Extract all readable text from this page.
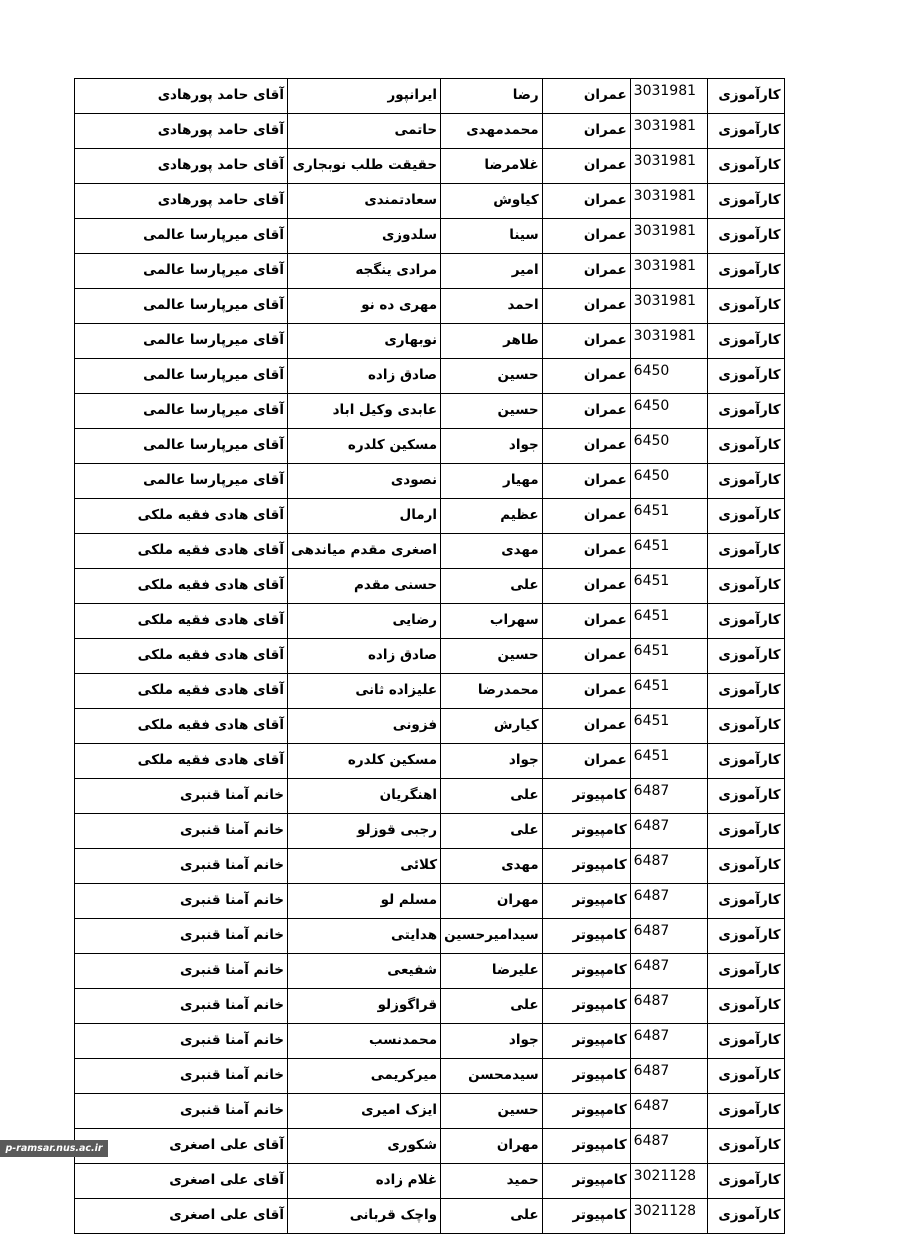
کارآموزی	3031981	عمران	رضا	ایرانپور	آقای حامد پورهادی
کارآموزی	3031981	عمران	محمدمهدی	حاتمی	آقای حامد پورهادی
کارآموزی	3031981	عمران	غلامرضا	حقیقت طلب نوبجاری	آقای حامد پورهادی
کارآموزی	3031981	عمران	کیاوش	سعادتمندی	آقای حامد پورهادی
کارآموزی	3031981	عمران	سینا	سلدوزی	آقای میرپارسا عالمی
کارآموزی	3031981	عمران	امیر	مرادی ینگجه	آقای میرپارسا عالمی
کارآموزی	3031981	عمران	احمد	مهری ده نو	آقای میرپارسا عالمی
کارآموزی	3031981	عمران	طاهر	نوبهاری	آقای میرپارسا عالمی
کارآموزی	6450	عمران	حسین	صادق زاده	آقای میرپارسا عالمی
کارآموزی	6450	عمران	حسین	عابدی وکیل اباد	آقای میرپارسا عالمی
کارآموزی	6450	عمران	جواد	مسکین کلدره	آقای میرپارسا عالمی
کارآموزی	6450	عمران	مهیار	نصودی	آقای میرپارسا عالمی
کارآموزی	6451	عمران	عظیم	ارمال	آقای هادی فقیه ملکی
کارآموزی	6451	عمران	مهدی	اصغری مقدم میاندهی	آقای هادی فقیه ملکی
کارآموزی	6451	عمران	علی	حسنی مقدم	آقای هادی فقیه ملکی
کارآموزی	6451	عمران	سهراب	رضایی	آقای هادی فقیه ملکی
کارآموزی	6451	عمران	حسین	صادق زاده	آقای هادی فقیه ملکی
کارآموزی	6451	عمران	محمدرضا	علیزاده ثانی	آقای هادی فقیه ملکی
کارآموزی	6451	عمران	کیارش	فزونی	آقای هادی فقیه ملکی
کارآموزی	6451	عمران	جواد	مسکین کلدره	آقای هادی فقیه ملکی
کارآموزی	6487	کامپیوتر	علی	اهنگریان	خانم آمنا قنبری
کارآموزی	6487	کامپیوتر	علی	رجبی قوزلو	خانم آمنا قنبری
کارآموزی	6487	کامپیوتر	مهدی	کلائی	خانم آمنا قنبری
کارآموزی	6487	کامپیوتر	مهران	مسلم لو	خانم آمنا قنبری
کارآموزی	6487	کامپیوتر	سیدامیرحسین	هدایتی	خانم آمنا قنبری
کارآموزی	6487	کامپیوتر	علیرضا	شفیعی	خانم آمنا قنبری
کارآموزی	6487	کامپیوتر	علی	قراگوزلو	خانم آمنا قنبری
کارآموزی	6487	کامپیوتر	جواد	محمدنسب	خانم آمنا قنبری
کارآموزی	6487	کامپیوتر	سیدمحسن	میرکریمی	خانم آمنا قنبری
کارآموزی	6487	کامپیوتر	حسین	ایزک امیری	خانم آمنا قنبری
کارآموزی	6487	کامپیوتر	مهران	شکوری	آقای علی اصغری
کارآموزی	3021128	کامپیوتر	حمید	غلام زاده	آقای علی اصغری
کارآموزی	3021128	کامپیوتر	علی	واچک قربانی	آقای علی اصغری
p-ramsar.nus.ac.ir
